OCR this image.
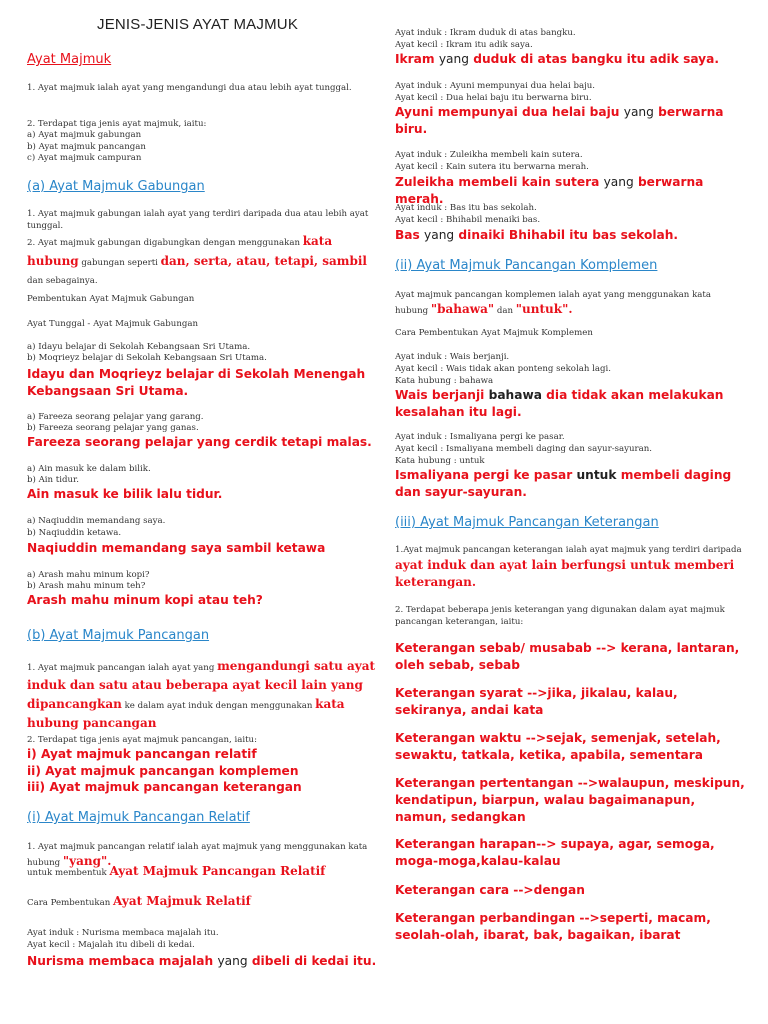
JENIS-JENIS AYAT MAJMUK

Ayat Majmuk

1. Ayat majmuk ialah ayat yang mengandungi dua atau lebih ayat tunggal.

2. Terdapat tiga jenis ayat majmuk, iaitu:

a) Ayat majmuk gabungan

b) Ayat majmuk pancangan

c) Ayat majmuk campuran

(a) Ayat Majmuk Gabungan

1. Ayat majmuk gabungan ialah ayat yang terdiri daripada dua atau lebih ayat tunggal.

2. Ayat majmuk gabungan digabungkan dengan menggunakan kata hubung gabungan seperti dan, serta, atau, tetapi, sambil dan sebagainya.

Pembentukan Ayat Majmuk Gabungan

Ayat Tunggal - Ayat Majmuk Gabungan

a) Idayu belajar di Sekolah Kebangsaan Sri Utama.

b) Moqrieyz belajar di Sekolah Kebangsaan Sri Utama.

Idayu dan Moqrieyz belajar di Sekolah Menengah Kebangsaan Sri Utama.

a) Fareeza seorang pelajar yang garang.

b) Fareeza seorang pelajar yang ganas.

Fareeza seorang pelajar yang cerdik tetapi malas.

a) Ain masuk ke dalam bilik.

b) Ain tidur.

Ain masuk ke bilik lalu tidur.

a) Naqiuddin memandang saya.

b) Naqiuddin ketawa.

Naqiuddin memandang saya sambil ketawa

a) Arash mahu minum kopi?

b) Arash mahu minum teh?

Arash mahu minum kopi atau teh?

(b) Ayat Majmuk Pancangan

1. Ayat majmuk pancangan ialah ayat yang mengandungi satu ayat induk dan satu atau beberapa ayat kecil lain yang dipancangkan ke dalam ayat induk dengan menggunakan kata hubung pancangan

2. Terdapat tiga jenis ayat majmuk pancangan, iaitu:

i) Ayat majmuk pancangan relatif

ii) Ayat majmuk pancangan komplemen

iii) Ayat majmuk pancangan keterangan

(i) Ayat Majmuk Pancangan Relatif

1. Ayat majmuk pancangan relatif ialah ayat majmuk yang menggunakan kata hubung "yang".

untuk membentuk Ayat Majmuk Pancangan Relatif

Cara Pembentukan Ayat Majmuk Relatif

Ayat induk : Nurisma membaca majalah itu.

Ayat kecil : Majalah itu dibeli di kedai.

Nurisma membaca majalah yang dibeli di kedai itu.

Ayat induk : Ikram duduk di atas bangku.

Ayat kecil : Ikram itu adik saya.

Ikram yang duduk di atas bangku itu adik saya.

Ayat induk : Ayuni mempunyai dua helai baju.

Ayat kecil : Dua helai baju itu berwarna biru.

Ayuni mempunyai dua helai baju yang berwarna biru.

Ayat induk : Zuleikha membeli kain sutera.

Ayat kecil : Kain sutera itu berwarna merah.

Zuleikha membeli kain sutera yang berwarna merah.

Ayat induk : Bas itu bas sekolah.

Ayat kecil : Bhihabil menaiki bas.

Bas yang dinaiki Bhihabil itu bas sekolah.

(ii) Ayat Majmuk Pancangan Komplemen

Ayat majmuk pancangan komplemen ialah ayat yang menggunakan kata hubung "bahawa" dan "untuk".

Cara Pembentukan Ayat Majmuk Komplemen

Ayat induk : Wais berjanji.

Ayat kecil : Wais tidak akan ponteng sekolah lagi.

Kata hubung : bahawa

Wais berjanji bahawa dia tidak akan melakukan kesalahan itu lagi.

Ayat induk : Ismaliyana pergi ke pasar.

Ayat kecil : Ismaliyana membeli daging dan sayur-sayuran.

Kata hubung : untuk

Ismaliyana pergi ke pasar untuk membeli daging dan sayur-sayuran.

(iii) Ayat Majmuk Pancangan Keterangan

1.Ayat majmuk pancangan keterangan ialah ayat majmuk yang terdiri daripada ayat induk dan ayat lain berfungsi untuk memberi keterangan.

2. Terdapat beberapa jenis keterangan yang digunakan dalam ayat majmuk pancangan keterangan, iaitu:

Keterangan sebab/ musabab --> kerana, lantaran, oleh sebab, sebab

Keterangan syarat -->jika, jikalau, kalau, sekiranya, andai kata

Keterangan waktu -->sejak, semenjak, setelah, sewaktu, tatkala, ketika, apabila, sementara

Keterangan pertentangan -->walaupun, meskipun, kendatipun, biarpun, walau bagaimanapun, namun, sedangkan

Keterangan harapan--> supaya, agar, semoga, moga-moga,kalau-kalau

Keterangan cara -->dengan

Keterangan perbandingan -->seperti, macam, seolah-olah, ibarat, bak, bagaikan, ibarat
